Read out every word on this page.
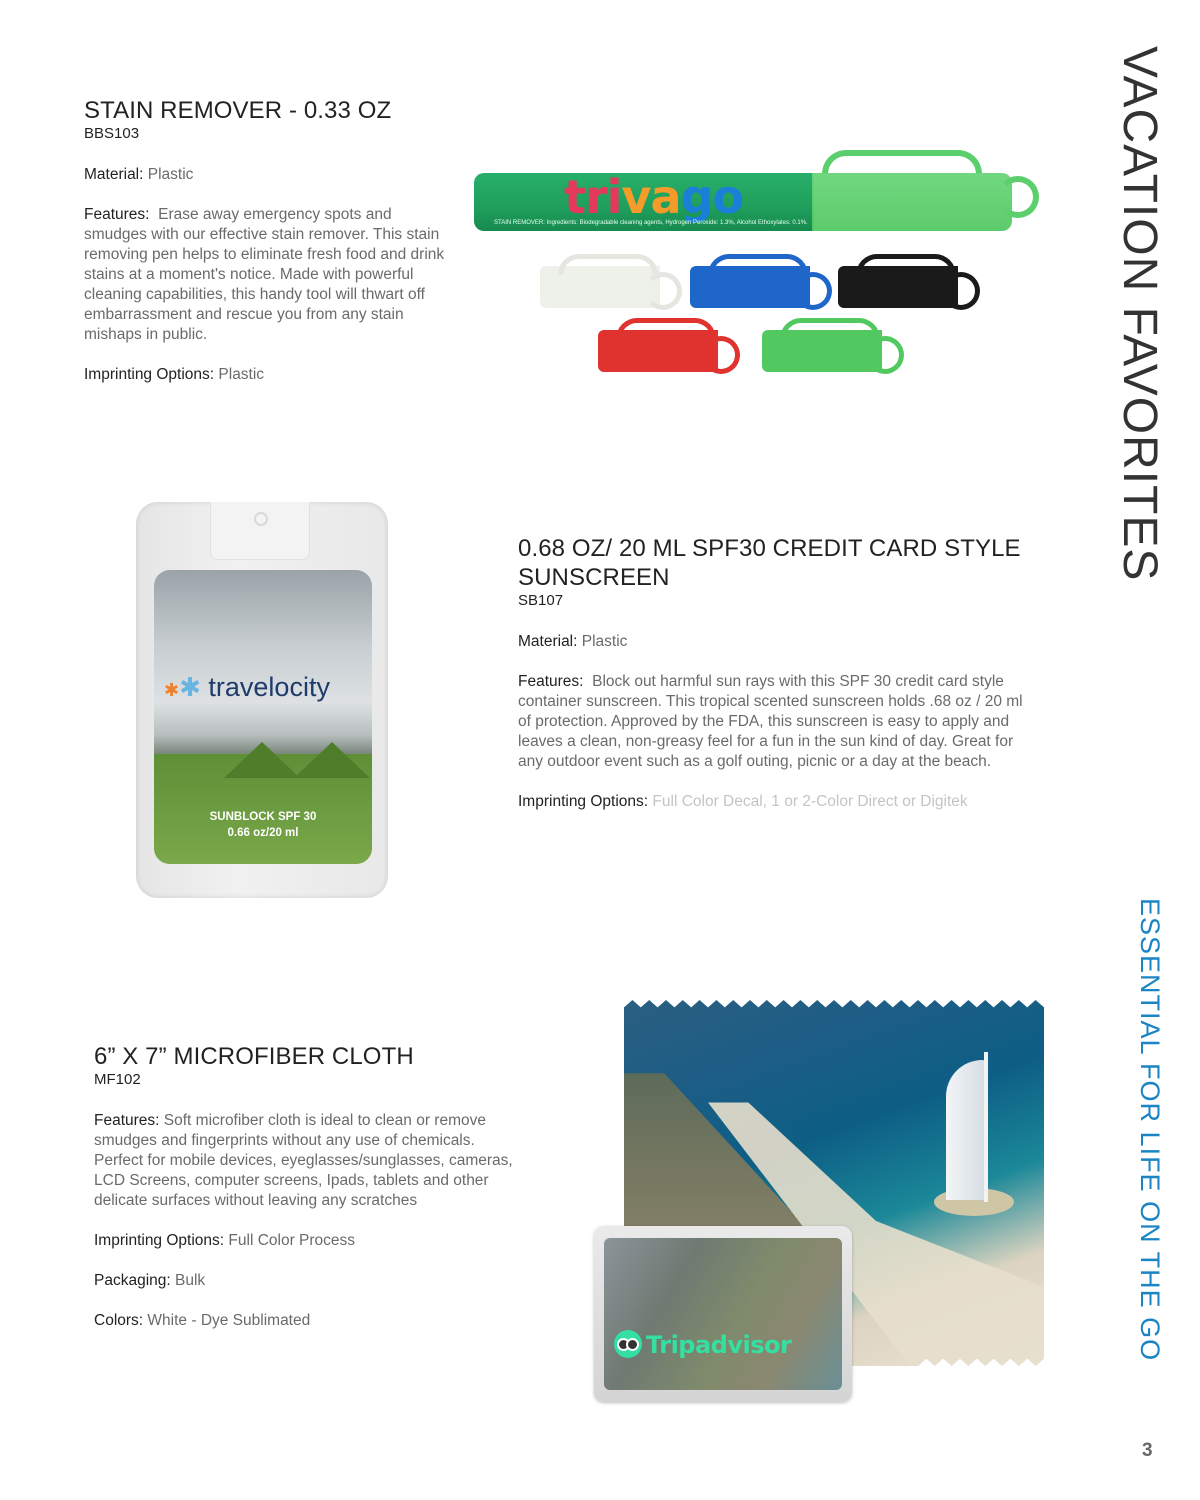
STAIN REMOVER - 0.33 OZ
BBS103

Material: Plastic

Features: Erase away emergency spots and smudges with our effective stain remover. This stain removing pen helps to eliminate fresh food and drink stains at a moment's notice. Made with powerful cleaning capabilities, this handy tool will thwart off embarrassment and rescue you from any stain mishaps in public.

Imprinting Options: Plastic

trivago
STAIN REMOVER: Ingredients: Biodegradable cleaning agents, Hydrogen Peroxide: 1.3%, Alcohol Ethoxylates: 0.1%.
✱✱ travelocity
SUNBLOCK SPF 30
0.66 oz/20 ml
0.68 OZ/ 20 ML SPF30 CREDIT CARD STYLE SUNSCREEN
SB107

Material: Plastic

Features: Block out harmful sun rays with this SPF 30 credit card style container sunscreen. This tropical scented sunscreen holds .68 oz / 20 ml of protection. Approved by the FDA, this sunscreen is easy to apply and leaves a clean, non-greasy feel for a fun in the sun kind of day. Great for any outdoor event such as a golf outing, picnic or a day at the beach.

Imprinting Options: Full Color Decal, 1 or 2-Color Direct or Digitek

6” X 7” MICROFIBER CLOTH
MF102

Features: Soft microfiber cloth is ideal to clean or remove smudges and fingerprints without any use of chemicals. Perfect for mobile devices, eyeglasses/sunglasses, cameras, LCD Screens, computer screens, Ipads, tablets and other delicate surfaces without leaving any scratches

Imprinting Options: Full Color Process

Packaging: Bulk

Colors: White - Dye Sublimated

Tripadvisor
VACATION FAVORITES
ESSENTIAL FOR LIFE ON THE GO
3
